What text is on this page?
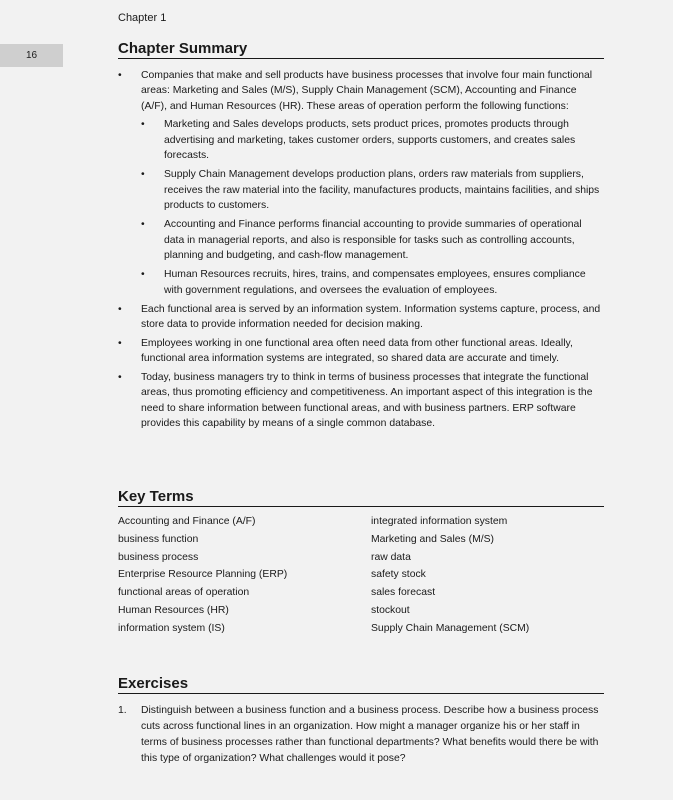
Chapter 1
16	Chapter Summary
• Companies that make and sell products have business processes that involve four main functional areas: Marketing and Sales (M/S), Supply Chain Management (SCM), Accounting and Finance (A/F), and Human Resources (HR). These areas of operation perform the following functions:
• Marketing and Sales develops products, sets product prices, promotes products through advertising and marketing, takes customer orders, supports customers, and creates sales forecasts.
• Supply Chain Management develops production plans, orders raw materials from suppliers, receives the raw material into the facility, manufactures products, maintains facilities, and ships products to customers.
• Accounting and Finance performs financial accounting to provide summaries of operational data in managerial reports, and also is responsible for tasks such as controlling accounts, planning and budgeting, and cash-flow management.
• Human Resources recruits, hires, trains, and compensates employees, ensures compliance with government regulations, and oversees the evaluation of employees.
• Each functional area is served by an information system. Information systems capture, process, and store data to provide information needed for decision making.
• Employees working in one functional area often need data from other functional areas. Ideally, functional area information systems are integrated, so shared data are accurate and timely.
• Today, business managers try to think in terms of business processes that integrate the functional areas, thus promoting efficiency and competitiveness. An important aspect of this integration is the need to share information between functional areas, and with business partners. ERP software provides this capability by means of a single common database.
Key Terms
Accounting and Finance (A/F)
business function
business process
Enterprise Resource Planning (ERP)
functional areas of operation
Human Resources (HR)
information system (IS)
integrated information system
Marketing and Sales (M/S)
raw data
safety stock
sales forecast
stockout
Supply Chain Management (SCM)
Exercises
1.	Distinguish between a business function and a business process. Describe how a business process cuts across functional lines in an organization. How might a manager organize his or her staff in terms of business processes rather than functional departments? What benefits would there be with this type of organization? What challenges would it pose?
